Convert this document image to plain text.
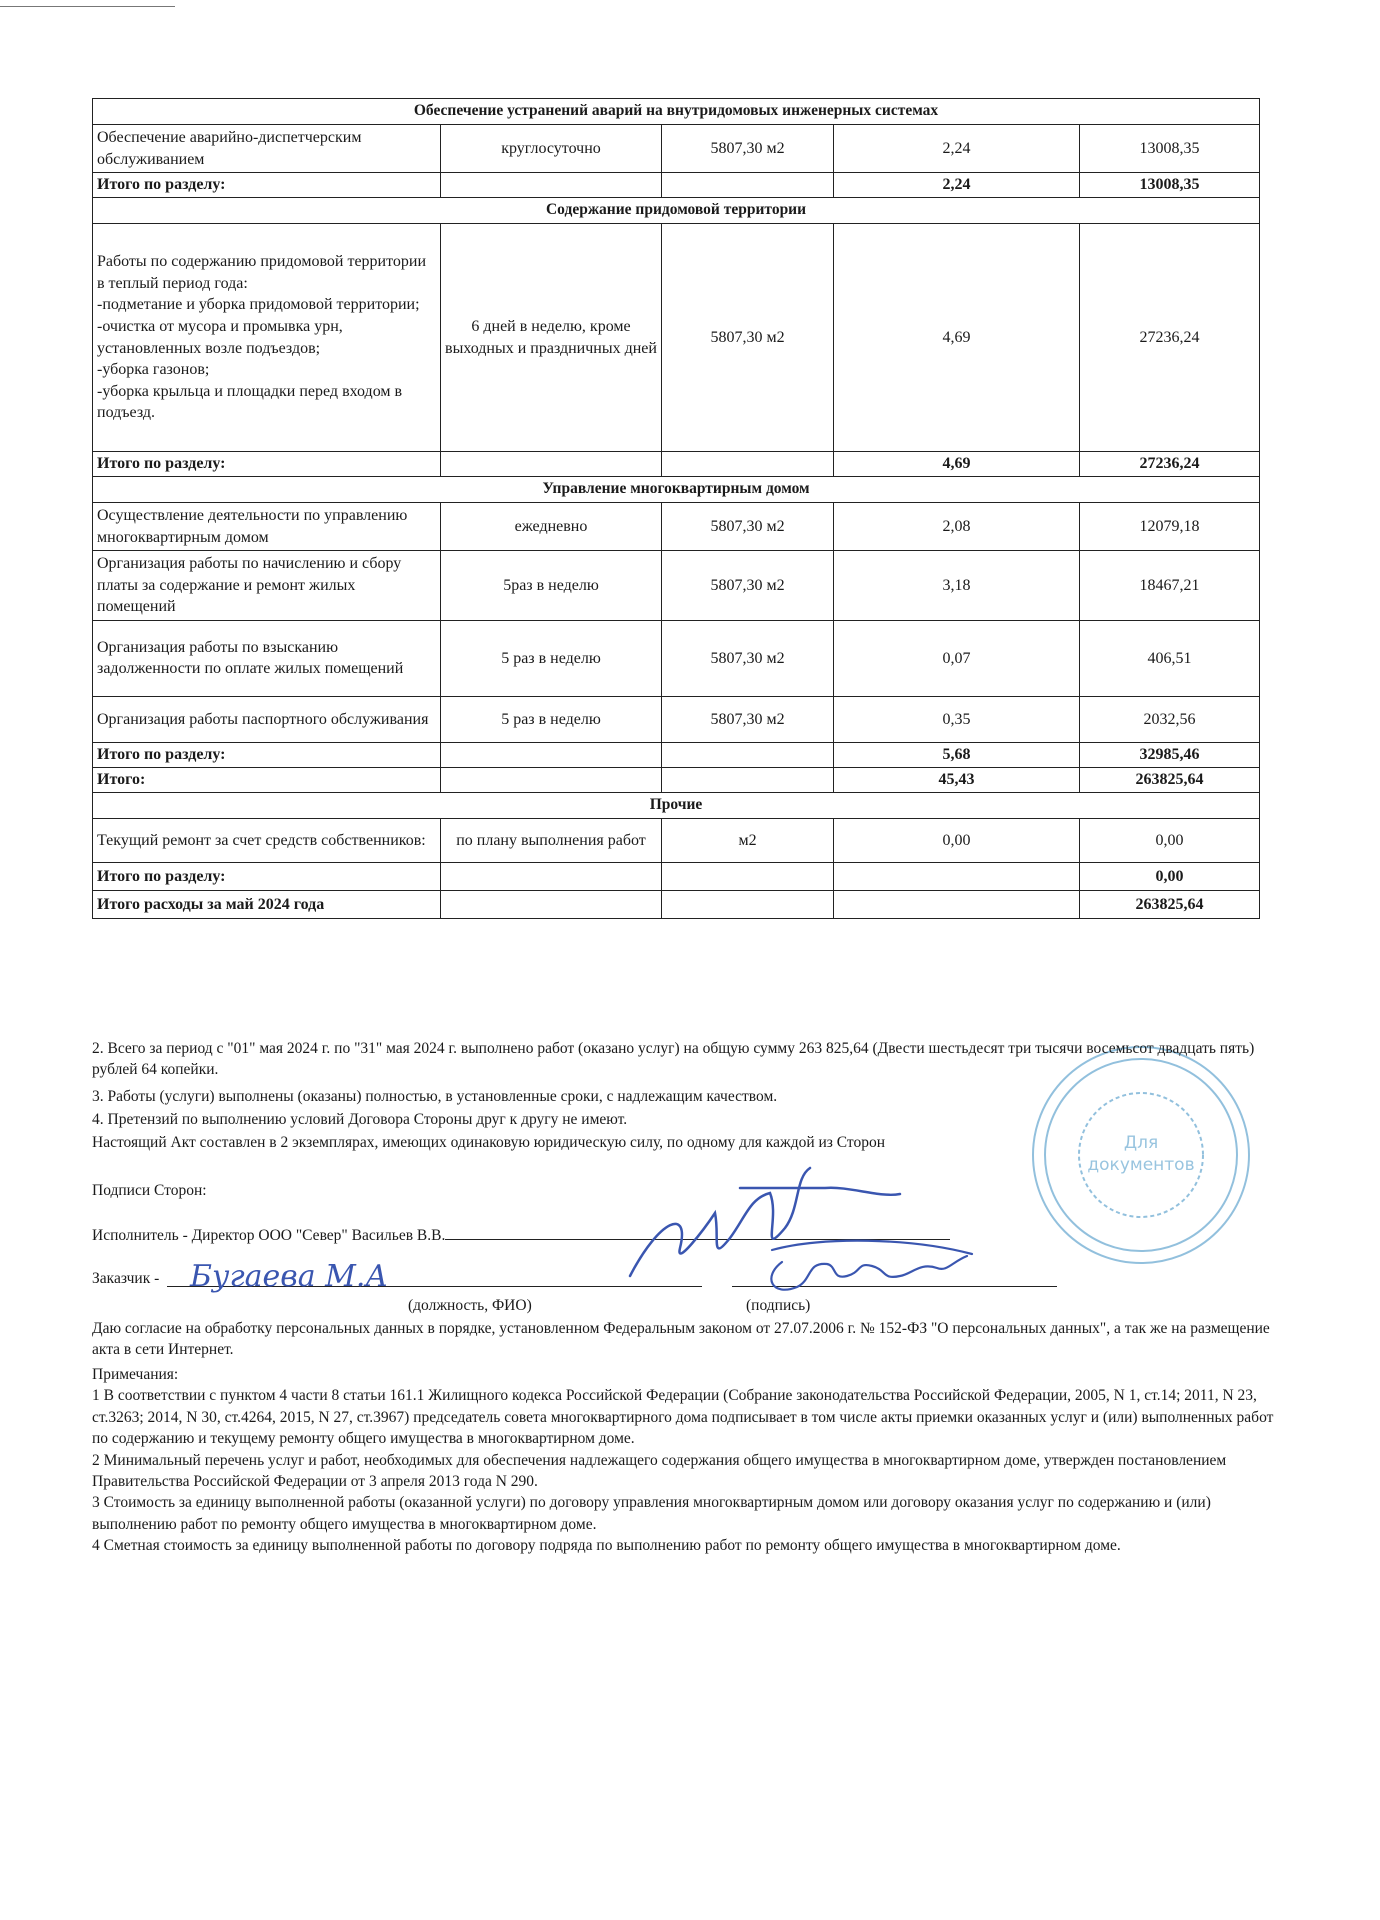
Обеспечение устранений аварий на внутридомовых инженерных системах				
Обеспечение аварийно-диспетчерским обслуживанием	круглосуточно	5807,30 м2	2,24	13008,35
Итого по разделу:			2,24	13008,35
Содержание придомовой территории				
Работы по содержанию придомовой территории в теплый период года:
-подметание и уборка придомовой территории;
-очистка от мусора и промывка урн, установленных возле подъездов;
-уборка газонов;
-уборка крыльца и площадки перед входом в подъезд.	6 дней в неделю, кроме выходных и праздничных дней	5807,30 м2	4,69	27236,24
Итого по разделу:			4,69	27236,24
Управление многоквартирным домом				
Осуществление деятельности по управлению многоквартирным домом	ежедневно	5807,30 м2	2,08	12079,18
Организация работы по начислению и сбору платы за содержание и ремонт жилых помещений	5раз в неделю	5807,30 м2	3,18	18467,21
Организация работы по взысканию задолженности по оплате жилых помещений	5 раз в неделю	5807,30 м2	0,07	406,51
Организация работы паспортного обслуживания	5 раз в неделю	5807,30 м2	0,35	2032,56
Итого по разделу:			5,68	32985,46
Итого:			45,43	263825,64
Прочие				
Текущий ремонт за счет средств собственников:	по плану выполнения работ	м2	0,00	0,00
Итого по разделу:				0,00
Итого расходы за май 2024 года				263825,64
Для
документов
2. Всего за период с "01" мая 2024 г. по "31" мая 2024 г. выполнено работ (оказано услуг) на общую сумму 263 825,64 (Двести шестьдесят три тысячи восемьсот двадцать пять) рублей 64 копейки.
3. Работы (услуги) выполнены (оказаны) полностью, в установленные сроки, с надлежащим качеством.
4. Претензий по выполнению условий Договора Стороны друг к другу не имеют.
Настоящий Акт составлен в 2 экземплярах, имеющих одинаковую юридическую силу, по одному для каждой из Сторон
Подписи Сторон:
Исполнитель - Директор ООО "Север" Васильев В.В.
Заказчик -
(должность, ФИО)	(подпись)
Бугаева М.А
Даю согласие на обработку персональных данных в порядке, установленном Федеральным законом от 27.07.2006 г. № 152-ФЗ "О персональных данных", а так же на размещение акта в сети Интернет.
Примечания:
1 В соответствии с пунктом 4 части 8 статьи 161.1 Жилищного кодекса Российской Федерации (Собрание законодательства Российской Федерации, 2005, N 1, ст.14; 2011, N 23, ст.3263; 2014, N 30, ст.4264, 2015, N 27, ст.3967) председатель совета многоквартирного дома подписывает в том числе акты приемки оказанных услуг и (или) выполненных работ по содержанию и текущему ремонту общего имущества в многоквартирном доме.
2 Минимальный перечень услуг и работ, необходимых для обеспечения надлежащего содержания общего имущества в многоквартирном доме, утвержден постановлением Правительства Российской Федерации от 3 апреля 2013 года N 290.
3 Стоимость за единицу выполненной работы (оказанной услуги) по договору управления многоквартирным домом или договору оказания услуг по содержанию и (или) выполнению работ по ремонту общего имущества в многоквартирном доме.
4 Сметная стоимость за единицу выполненной работы по договору подряда по выполнению работ по ремонту общего имущества в многоквартирном доме.
